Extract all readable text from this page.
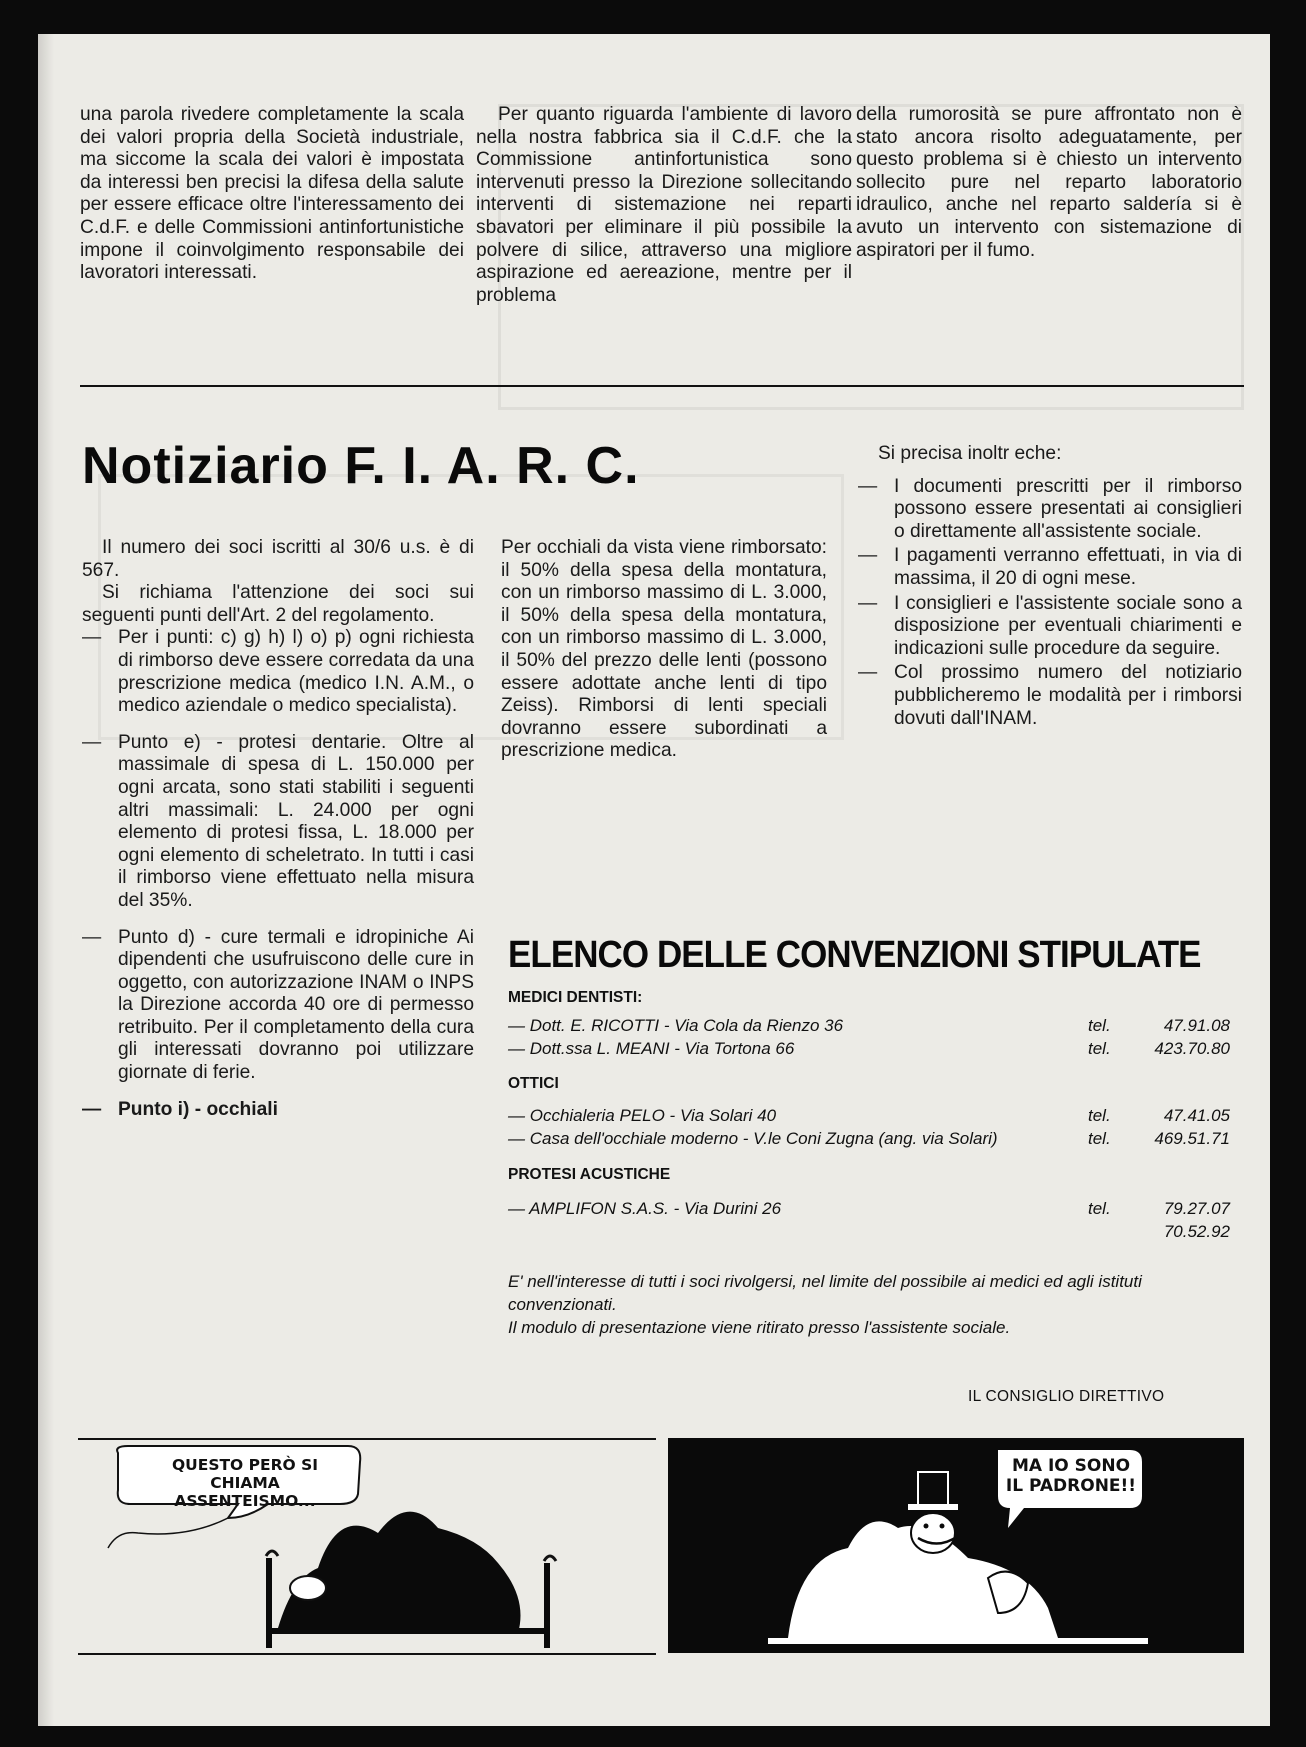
una parola rivedere completamente la scala dei valori propria della Società industriale, ma siccome la scala dei valori è impostata da interessi ben precisi la difesa della salute per essere efficace oltre l'interessamento dei C.d.F. e delle Commissioni antinfortunistiche impone il coinvolgimento responsabile dei lavoratori interessati.

Per quanto riguarda l'ambiente di lavoro nella nostra fabbrica sia il C.d.F. che la Commissione antinfortunistica sono intervenuti presso la Direzione sollecitando interventi di sistemazione nei reparti sbavatori per eliminare il più possibile la polvere di silice, attraverso una migliore aspirazione ed aereazione, mentre per il problema

della rumorosità se pure affrontato non è stato ancora risolto adeguatamente, per questo problema si è chiesto un intervento sollecito pure nel reparto laboratorio idraulico, anche nel reparto saldería si è avuto un intervento con sistemazione di aspiratori per il fumo.

Notiziario F. I. A. R. C.

Il numero dei soci iscritti al 30/6 u.s. è di 567.

Si richiama l'attenzione dei soci sui seguenti punti dell'Art. 2 del regolamento.

— Per i punti: c) g) h) l) o) p) ogni richiesta di rimborso deve essere corredata da una prescrizione medica (medico I.N. A.M., o medico aziendale o medico specialista).
— Punto e) - protesi dentarie. Oltre al massimale di spesa di L. 150.000 per ogni arcata, sono stati stabiliti i seguenti altri massimali: L. 24.000 per ogni elemento di protesi fissa, L. 18.000 per ogni elemento di scheletrato. In tutti i casi il rimborso viene effettuato nella misura del 35%.
— Punto d) - cure termali e idropiniche Ai dipendenti che usufruiscono delle cure in oggetto, con autorizzazione INAM o INPS la Direzione accorda 40 ore di permesso retribuito. Per il completamento della cura gli interessati dovranno poi utilizzare giornate di ferie.
— Punto i) - occhiali

Per occhiali da vista viene rimborsato: il 50% della spesa della montatura, con un rimborso massimo di L. 3.000, il 50% della spesa della montatura, con un rimborso massimo di L. 3.000, il 50% del prezzo delle lenti (possono essere adottate anche lenti di tipo Zeiss). Rimborsi di lenti speciali dovranno essere subordinati a prescrizione medica.

Si precisa inoltr eche:

— I documenti prescritti per il rimborso possono essere presentati ai consiglieri o direttamente all'assistente sociale.
— I pagamenti verranno effettuati, in via di massima, il 20 di ogni mese.
— I consiglieri e l'assistente sociale sono a disposizione per eventuali chiarimenti e indicazioni sulle procedure da seguire.
— Col prossimo numero del notiziario pubblicheremo le modalità per i rimborsi dovuti dall'INAM.
ELENCO DELLE CONVENZIONI STIPULATE
MEDICI DENTISTI:
— Dott. E. RICOTTI - Via Cola da Rienzo 36	tel.	47.91.08
— Dott.ssa L. MEANI - Via Tortona 66	tel.	423.70.80
OTTICI
— Occhialeria PELO - Via Solari 40	tel.	47.41.05
— Casa dell'occhiale moderno - V.le Coni Zugna (ang. via Solari)	tel.	469.51.71
PROTESI ACUSTICHE
— AMPLIFON S.A.S. - Via Durini 26	tel.	79.27.07
70.52.92
E' nell'interesse di tutti i soci rivolgersi, nel limite del possibile ai medici ed agli istituti convenzionati.
Il modulo di presentazione viene ritirato presso l'assistente sociale.
IL CONSIGLIO DIRETTIVO
QUESTO PERÒ SI CHIAMA ASSENTEISMO...
MA IO SONO IL PADRONE!!
